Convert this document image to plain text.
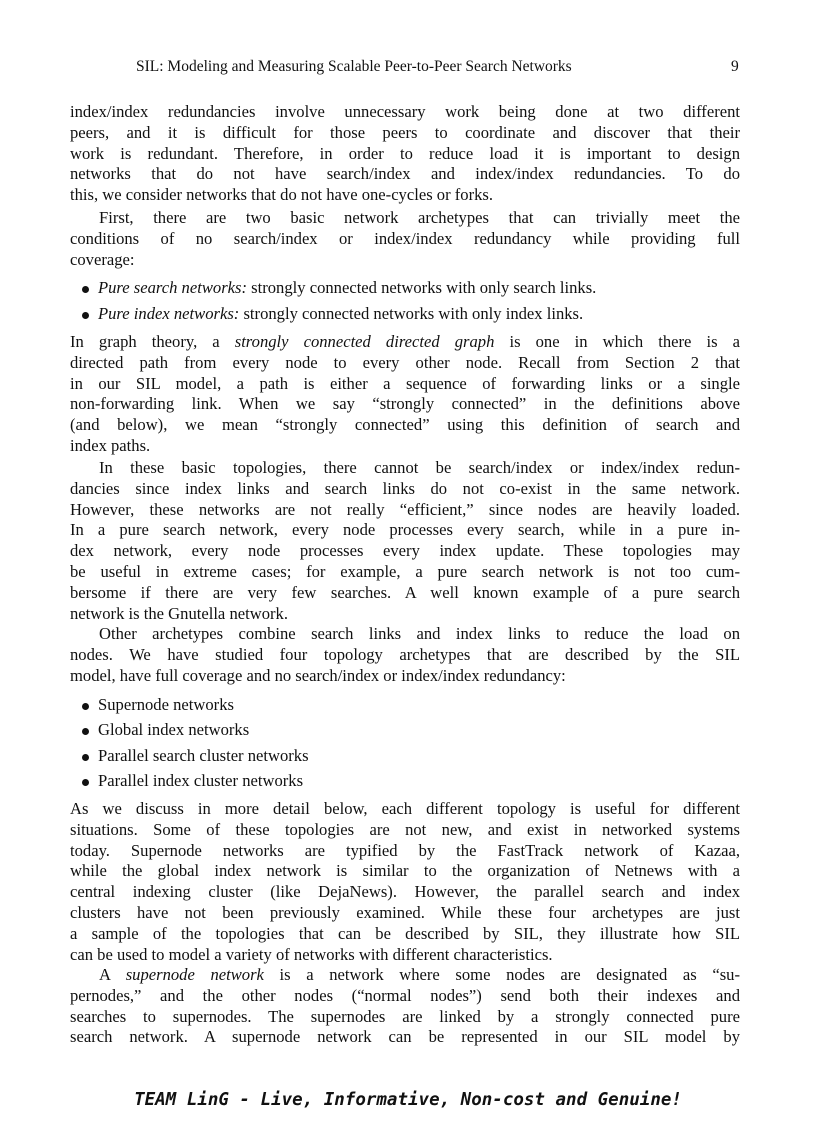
SIL: Modeling and Measuring Scalable Peer-to-Peer Search Networks	9
index/index redundancies involve unnecessary work being done at two different
peers, and it is difficult for those peers to coordinate and discover that their
work is redundant. Therefore, in order to reduce load it is important to design
networks that do not have search/index and index/index redundancies. To do
this, we consider networks that do not have one-cycles or forks.
First, there are two basic network archetypes that can trivially meet the
conditions of no search/index or index/index redundancy while providing full
coverage:
Pure search networks: strongly connected networks with only search links.
Pure index networks: strongly connected networks with only index links.
In graph theory, a strongly connected directed graph is one in which there is a
directed path from every node to every other node. Recall from Section 2 that
in our SIL model, a path is either a sequence of forwarding links or a single
non-forwarding link. When we say “strongly connected” in the definitions above
(and below), we mean “strongly connected” using this definition of search and
index paths.
In these basic topologies, there cannot be search/index or index/index redun-
dancies since index links and search links do not co-exist in the same network.
However, these networks are not really “efficient,” since nodes are heavily loaded.
In a pure search network, every node processes every search, while in a pure in-
dex network, every node processes every index update. These topologies may
be useful in extreme cases; for example, a pure search network is not too cum-
bersome if there are very few searches. A well known example of a pure search
network is the Gnutella network.
Other archetypes combine search links and index links to reduce the load on
nodes. We have studied four topology archetypes that are described by the SIL
model, have full coverage and no search/index or index/index redundancy:
Supernode networks
Global index networks
Parallel search cluster networks
Parallel index cluster networks
As we discuss in more detail below, each different topology is useful for different
situations. Some of these topologies are not new, and exist in networked systems
today. Supernode networks are typified by the FastTrack network of Kazaa,
while the global index network is similar to the organization of Netnews with a
central indexing cluster (like DejaNews). However, the parallel search and index
clusters have not been previously examined. While these four archetypes are just
a sample of the topologies that can be described by SIL, they illustrate how SIL
can be used to model a variety of networks with different characteristics.
A supernode network is a network where some nodes are designated as “su-
pernodes,” and the other nodes (“normal nodes”) send both their indexes and
searches to supernodes. The supernodes are linked by a strongly connected pure
search network. A supernode network can be represented in our SIL model by
TEAM LinG - Live, Informative, Non-cost and Genuine!
